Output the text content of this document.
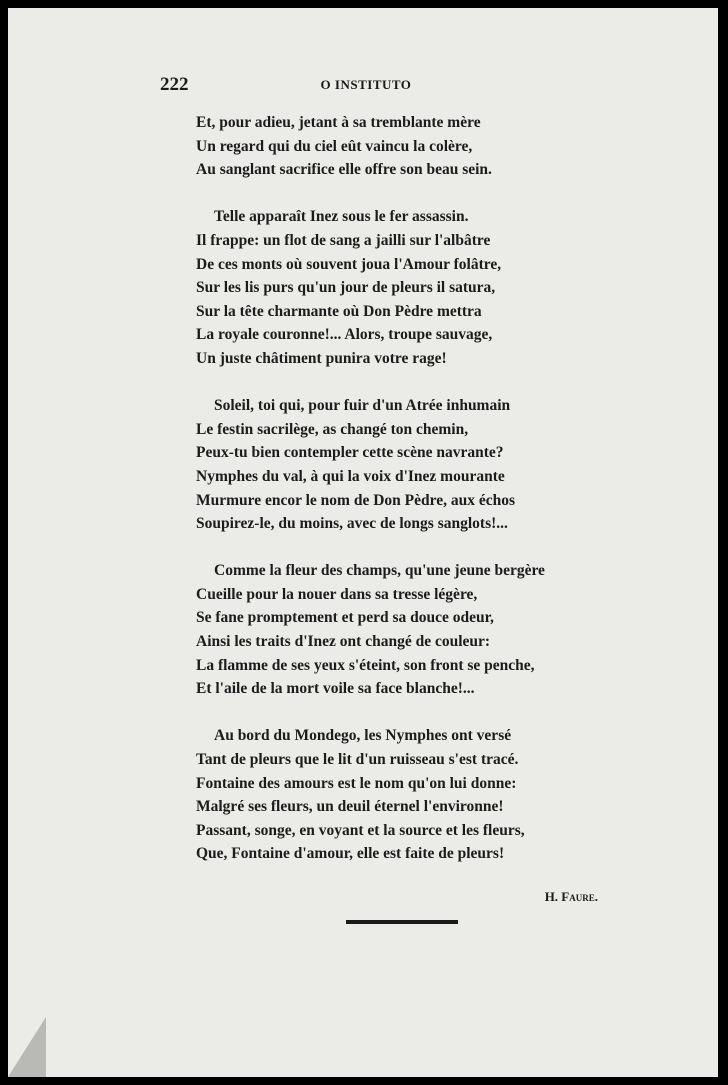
222	O INSTITUTO
Et, pour adieu, jetant à sa tremblante mère
Un regard qui du ciel eût vaincu la colère,
Au sanglant sacrifice elle offre son beau sein.
Telle apparaît Inez sous le fer assassin.
Il frappe: un flot de sang a jailli sur l'albâtre
De ces monts où souvent joua l'Amour folâtre,
Sur les lis purs qu'un jour de pleurs il satura,
Sur la tête charmante où Don Pèdre mettra
La royale couronne!... Alors, troupe sauvage,
Un juste châtiment punira votre rage!
Soleil, toi qui, pour fuir d'un Atrée inhumain
Le festin sacrilège, as changé ton chemin,
Peux-tu bien contempler cette scène navrante?
Nymphes du val, à qui la voix d'Inez mourante
Murmure encor le nom de Don Pèdre, aux échos
Soupirez-le, du moins, avec de longs sanglots!...
Comme la fleur des champs, qu'une jeune bergère
Cueille pour la nouer dans sa tresse légère,
Se fane promptement et perd sa douce odeur,
Ainsi les traits d'Inez ont changé de couleur:
La flamme de ses yeux s'éteint, son front se penche,
Et l'aile de la mort voile sa face blanche!...
Au bord du Mondego, les Nymphes ont versé
Tant de pleurs que le lit d'un ruisseau s'est tracé.
Fontaine des amours est le nom qu'on lui donne:
Malgré ses fleurs, un deuil éternel l'environne!
Passant, songe, en voyant et la source et les fleurs,
Que, Fontaine d'amour, elle est faite de pleurs!
H. Faure.
